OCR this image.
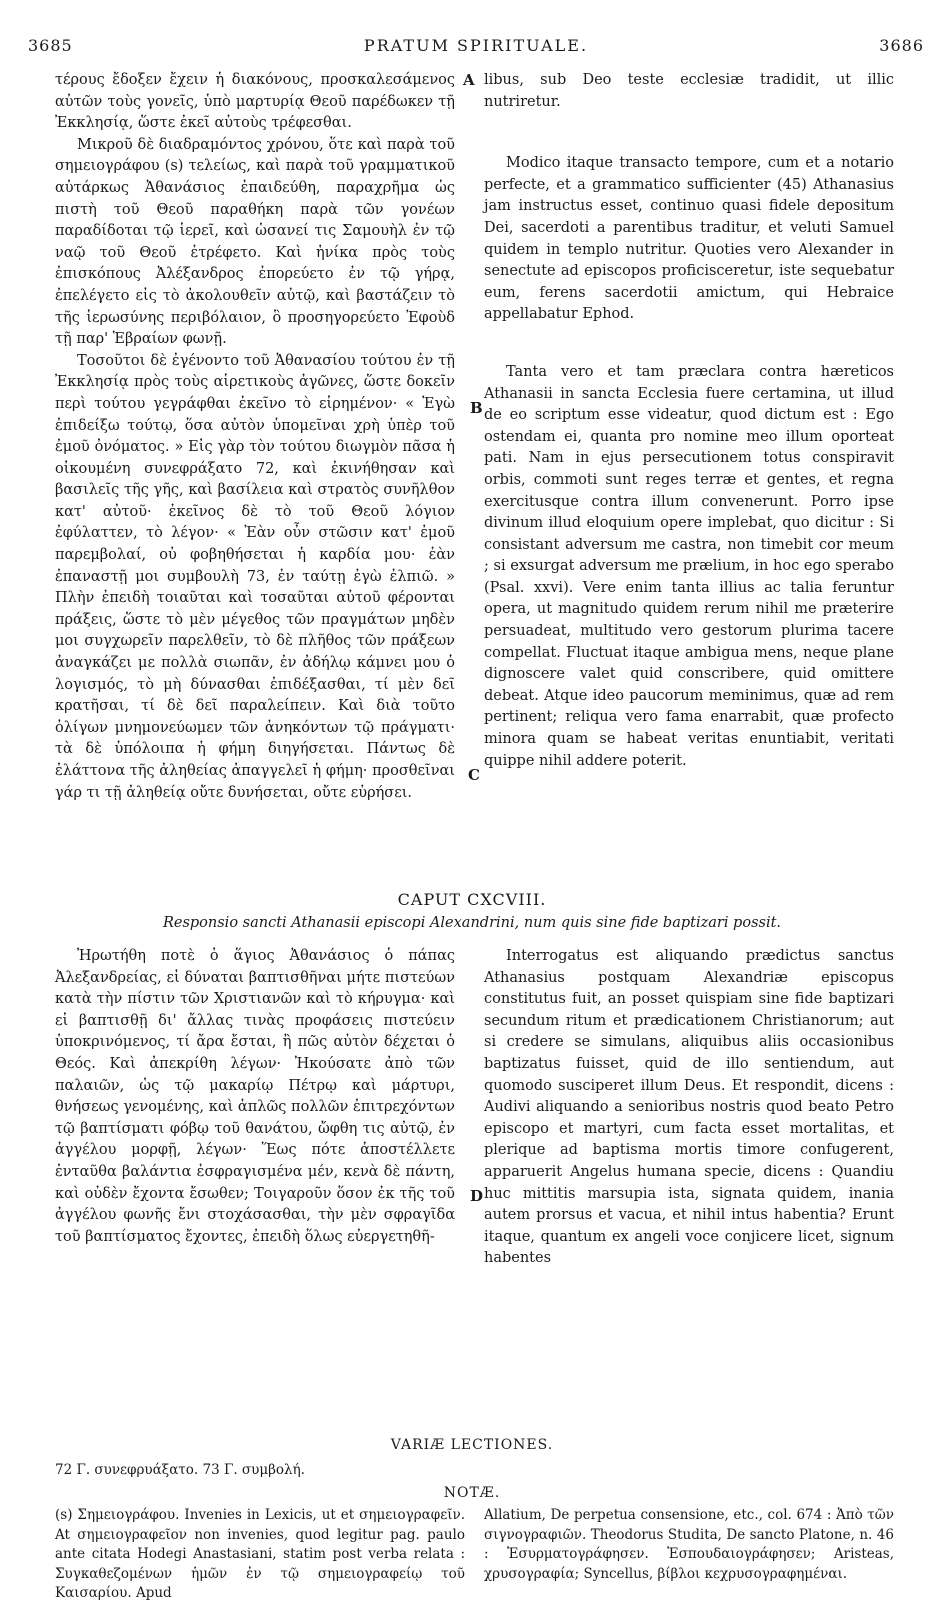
3685	PRATUM SPIRITUALE.	3686
A
B
C
D

τέρους ἔδοξεν ἔχειν ἡ διακόνους, προσκαλεσάμενος αὐτῶν τοὺς γονεῖς, ὑπὸ μαρτυρίᾳ Θεοῦ παρέδωκεν τῇ Ἐκκλησίᾳ, ὥστε ἐκεῖ αὐτοὺς τρέφεσθαι.

Μικροῦ δὲ διαδραμόντος χρόνου, ὅτε καὶ παρὰ τοῦ σημειογράφου (s) τελείως, καὶ παρὰ τοῦ γραμματικοῦ αὐτάρκως Ἀθανάσιος ἐπαιδεύθη, παραχρῆμα ὡς πιστὴ τοῦ Θεοῦ παραθήκη παρὰ τῶν γονέων παραδίδοται τῷ ἱερεῖ, καὶ ὡσανεί τις Σαμουὴλ ἐν τῷ ναῷ τοῦ Θεοῦ ἐτρέφετο. Καὶ ἡνίκα πρὸς τοὺς ἐπισκόπους Ἀλέξανδρος ἐπορεύετο ἐν τῷ γήρᾳ, ἐπελέγετο εἰς τὸ ἀκολουθεῖν αὐτῷ, καὶ βαστάζειν τὸ τῆς ἱερωσύνης περιβόλαιον, ὃ προσηγορεύετο Ἐφοὺδ τῇ παρ' Ἑβραίων φωνῇ.

Τοσοῦτοι δὲ ἐγένοντο τοῦ Ἀθανασίου τούτου ἐν τῇ Ἐκκλησίᾳ πρὸς τοὺς αἱρετικοὺς ἀγῶνες, ὥστε δοκεῖν περὶ τούτου γεγράφθαι ἐκεῖνο τὸ εἰρημένον· « Ἐγὼ ἐπιδείξω τούτῳ, ὅσα αὐτὸν ὑπομεῖναι χρὴ ὑπὲρ τοῦ ἐμοῦ ὀνόματος. » Εἰς γὰρ τὸν τούτου διωγμὸν πᾶσα ἡ οἰκουμένη συνεφράξατο 72, καὶ ἐκινήθησαν καὶ βασιλεῖς τῆς γῆς, καὶ βασίλεια καὶ στρατὸς συνῆλθον κατ' αὐτοῦ· ἐκεῖνος δὲ τὸ τοῦ Θεοῦ λόγιον ἐφύλαττεν, τὸ λέγον· « Ἐὰν οὖν στῶσιν κατ' ἐμοῦ παρεμβολαί, οὐ φοβηθήσεται ἡ καρδία μου· ἐὰν ἐπαναστῇ μοι συμβουλὴ 73, ἐν ταύτῃ ἐγὼ ἐλπιῶ. » Πλὴν ἐπειδὴ τοιαῦται καὶ τοσαῦται αὐτοῦ φέρονται πράξεις, ὥστε τὸ μὲν μέγεθος τῶν πραγμάτων μηδὲν μοι συγχωρεῖν παρελθεῖν, τὸ δὲ πλῆθος τῶν πράξεων ἀναγκάζει με πολλὰ σιωπᾶν, ἐν ἀδήλῳ κάμνει μου ὁ λογισμός, τὸ μὴ δύνασθαι ἐπιδέξασθαι, τί μὲν δεῖ κρατῆσαι, τί δὲ δεῖ παραλείπειν. Καὶ διὰ τοῦτο ὀλίγων μνημονεύωμεν τῶν ἀνηκόντων τῷ πράγματι· τὰ δὲ ὑπόλοιπα ἡ φήμη διηγήσεται. Πάντως δὲ ἐλάττονα τῆς ἀληθείας ἀπαγγελεῖ ἡ φήμη· προσθεῖναι γάρ τι τῇ ἀληθείᾳ οὔτε δυνήσεται, οὔτε εὑρήσει.

libus, sub Deo teste ecclesiæ tradidit, ut illic nutriretur.

Modico itaque transacto tempore, cum et a notario perfecte, et a grammatico sufficienter (45) Athanasius jam instructus esset, continuo quasi fidele depositum Dei, sacerdoti a parentibus traditur, et veluti Samuel quidem in templo nutritur. Quoties vero Alexander in senectute ad episcopos proficisceretur, iste sequebatur eum, ferens sacerdotii amictum, qui Hebraice appellabatur Ephod.

Tanta vero et tam præclara contra hæreticos Athanasii in sancta Ecclesia fuere certamina, ut illud de eo scriptum esse videatur, quod dictum est : Ego ostendam ei, quanta pro nomine meo illum oporteat pati. Nam in ejus persecutionem totus conspiravit orbis, commoti sunt reges terræ et gentes, et regna exercitusque contra illum convenerunt. Porro ipse divinum illud eloquium opere implebat, quo dicitur : Si consistant adversum me castra, non timebit cor meum ; si exsurgat adversum me prælium, in hoc ego sperabo (Psal. xxvi). Vere enim tanta illius ac talia feruntur opera, ut magnitudo quidem rerum nihil me præterire persuadeat, multitudo vero gestorum plurima tacere compellat. Fluctuat itaque ambigua mens, neque plane dignoscere valet quid conscribere, quid omittere debeat. Atque ideo paucorum meminimus, quæ ad rem pertinent; reliqua vero fama enarrabit, quæ profecto minora quam se habeat veritas enuntiabit, veritati quippe nihil addere poterit.

CAPUT CXCVIII.
Responsio sancti Athanasii episcopi Alexandrini, num quis sine fide baptizari possit.

Ἠρωτήθη ποτὲ ὁ ἅγιος Ἀθανάσιος ὁ πάπας Ἀλεξανδρείας, εἰ δύναται βαπτισθῆναι μήτε πιστεύων κατὰ τὴν πίστιν τῶν Χριστιανῶν καὶ τὸ κήρυγμα· καὶ εἰ βαπτισθῇ δι' ἄλλας τινὰς προφάσεις πιστεύειν ὑποκρινόμενος, τί ἄρα ἔσται, ἢ πῶς αὐτὸν δέχεται ὁ Θεός. Καὶ ἀπεκρίθη λέγων· Ἠκούσατε ἀπὸ τῶν παλαιῶν, ὡς τῷ μακαρίῳ Πέτρῳ καὶ μάρτυρι, θνήσεως γενομένης, καὶ ἁπλῶς πολλῶν ἐπιτρεχόντων τῷ βαπτίσματι φόβῳ τοῦ θανάτου, ὤφθη τις αὐτῷ, ἐν ἀγγέλου μορφῇ, λέγων· Ἕως πότε ἀποστέλλετε ἐνταῦθα βαλάντια ἐσφραγισμένα μέν, κενὰ δὲ πάντη, καὶ οὐδὲν ἔχοντα ἔσωθεν; Τοιγαροῦν ὅσον ἐκ τῆς τοῦ ἀγγέλου φωνῆς ἔνι στοχάσασθαι, τὴν μὲν σφραγῖδα τοῦ βαπτίσματος ἔχοντες, ἐπειδὴ ὅλως εὐεργετηθῆ-

Interrogatus est aliquando prædictus sanctus Athanasius postquam Alexandriæ episcopus constitutus fuit, an posset quispiam sine fide baptizari secundum ritum et prædicationem Christianorum; aut si credere se simulans, aliquibus aliis occasionibus baptizatus fuisset, quid de illo sentiendum, aut quomodo susciperet illum Deus. Et respondit, dicens : Audivi aliquando a senioribus nostris quod beato Petro episcopo et martyri, cum facta esset mortalitas, et plerique ad baptisma mortis timore confugerent, apparuerit Angelus humana specie, dicens : Quandiu huc mittitis marsupia ista, signata quidem, inania autem prorsus et vacua, et nihil intus habentia? Erunt itaque, quantum ex angeli voce conjicere licet, signum habentes

VARIÆ LECTIONES.
72 Γ. συνεφρυάξατο. 73 Γ. συμβολή.
NOTÆ.

(s) Σημειογράφου. Invenies in Lexicis, ut et σημειογραφεῖν. At σημειογραφεῖον non invenies, quod legitur pag. paulo ante citata Hodegi Anastasiani, statim post verba relata : Συγκαθεζομένων ἡμῶν ἐν τῷ σημειογραφείῳ τοῦ Καισαρίου. Apud

Allatium, De perpetua consensione, etc., col. 674 : Ἀπὸ τῶν σιγνογραφιῶν. Theodorus Studita, De sancto Platone, n. 46 : Ἐσυρματογράφησεν. Ἐσπουδαιογράφησεν; Aristeas, χρυσογραφία; Syncellus, βίβλοι κεχρυσογραφημέναι.
